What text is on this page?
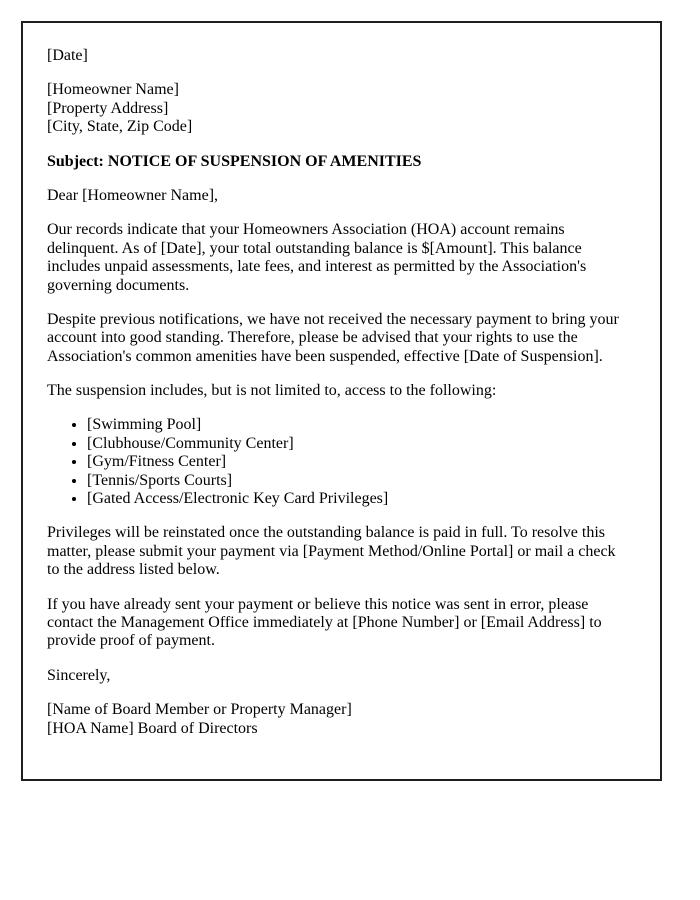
[Date]

[Homeowner Name]
[Property Address]
[City, State, Zip Code]

Subject: NOTICE OF SUSPENSION OF AMENITIES

Dear [Homeowner Name],

Our records indicate that your Homeowners Association (HOA) account remains delinquent. As of [Date], your total outstanding balance is $[Amount]. This balance includes unpaid assessments, late fees, and interest as permitted by the Association's governing documents.

Despite previous notifications, we have not received the necessary payment to bring your account into good standing. Therefore, please be advised that your rights to use the Association's common amenities have been suspended, effective [Date of Suspension].

The suspension includes, but is not limited to, access to the following:

• [Swimming Pool]
• [Clubhouse/Community Center]
• [Gym/Fitness Center]
• [Tennis/Sports Courts]
• [Gated Access/Electronic Key Card Privileges]

Privileges will be reinstated once the outstanding balance is paid in full. To resolve this matter, please submit your payment via [Payment Method/Online Portal] or mail a check to the address listed below.

If you have already sent your payment or believe this notice was sent in error, please contact the Management Office immediately at [Phone Number] or [Email Address] to provide proof of payment.

Sincerely,

[Name of Board Member or Property Manager]
[HOA Name] Board of Directors
